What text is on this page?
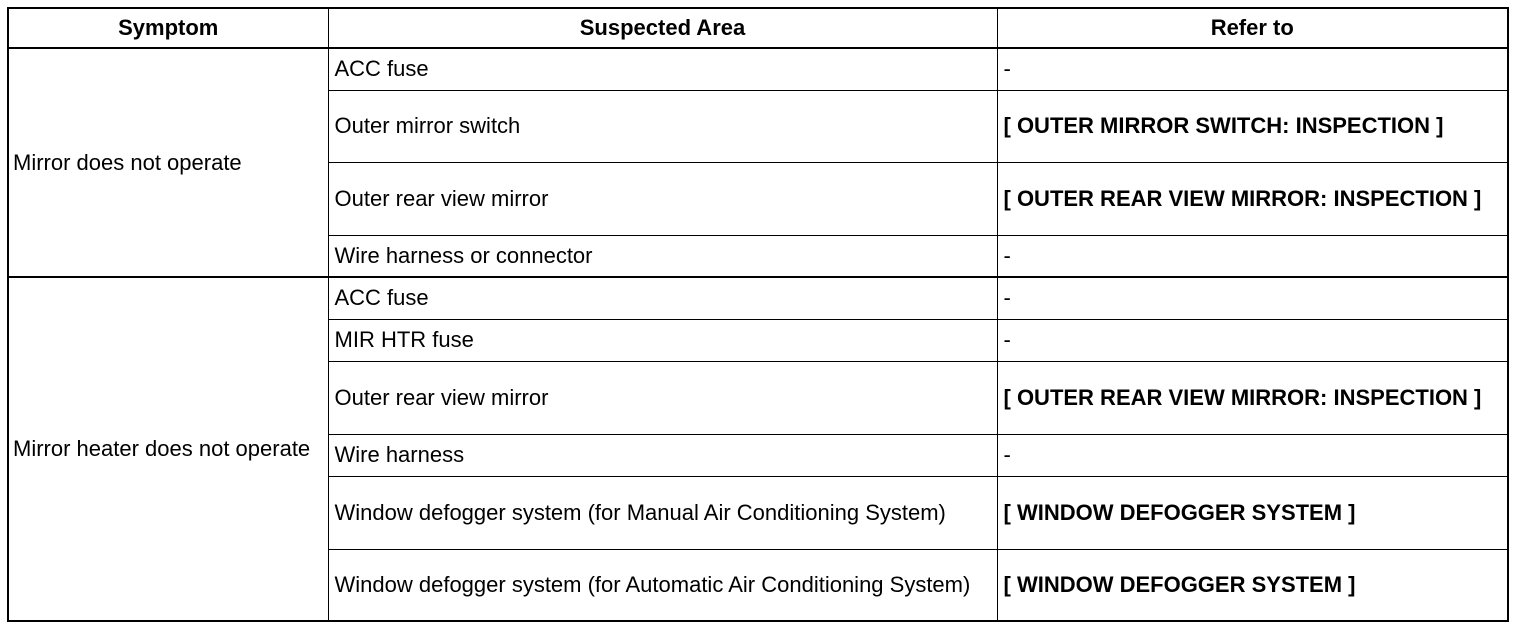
Symptom	Suspected Area	Refer to
Mirror does not operate	ACC fuse	-
	Outer mirror switch	[ OUTER MIRROR SWITCH: INSPECTION ]
	Outer rear view mirror	[ OUTER REAR VIEW MIRROR: INSPECTION ]
	Wire harness or connector	-
Mirror heater does not operate	ACC fuse	-
	MIR HTR fuse	-
	Outer rear view mirror	[ OUTER REAR VIEW MIRROR: INSPECTION ]
	Wire harness	-
	Window defogger system (for Manual Air Conditioning System)	[ WINDOW DEFOGGER SYSTEM ]
	Window defogger system (for Automatic Air Conditioning System)	[ WINDOW DEFOGGER SYSTEM ]
